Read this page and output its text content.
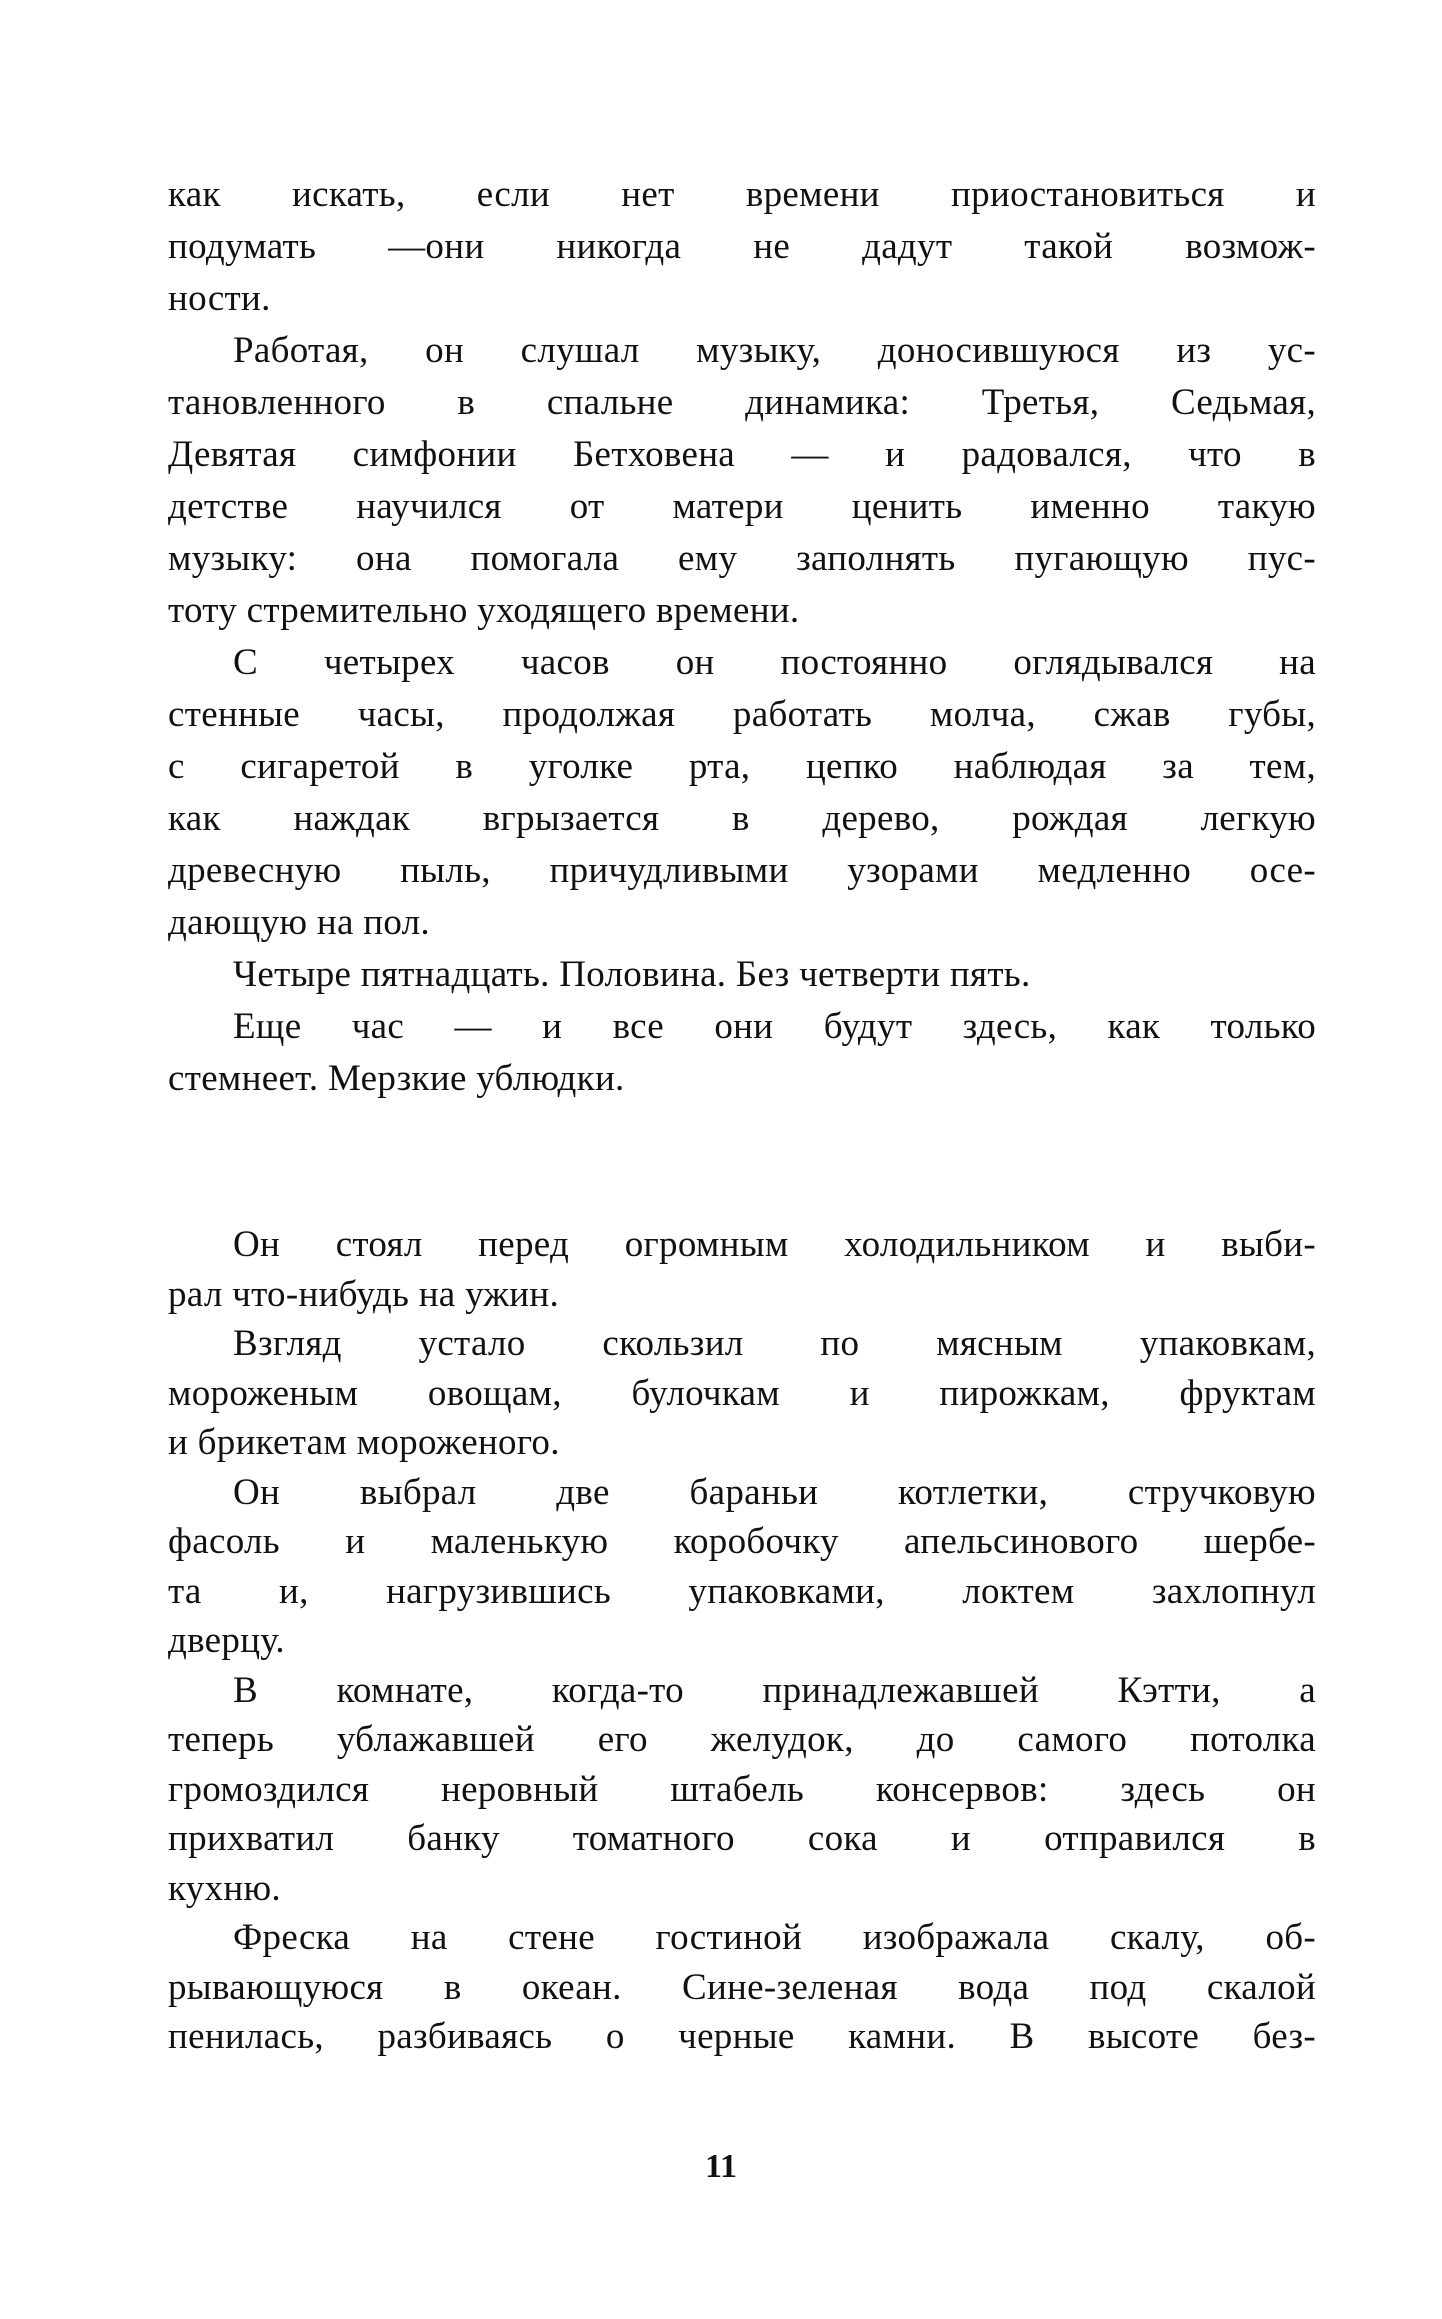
как искать, если нет времени приостановиться и
подумать —они никогда не дадут такой возмож-
ности.
Работая, он слушал музыку, доносившуюся из ус-
тановленного в спальне динамика: Третья, Седьмая,
Девятая симфонии Бетховена — и радовался, что в
детстве научился от матери ценить именно такую
музыку: она помогала ему заполнять пугающую пус-
тоту стремительно уходящего времени.
С четырех часов он постоянно оглядывался на
стенные часы, продолжая работать молча, сжав губы,
с сигаретой в уголке рта, цепко наблюдая за тем,
как наждак вгрызается в дерево, рождая легкую
древесную пыль, причудливыми узорами медленно осе-
дающую на пол.
Четыре пятнадцать. Половина. Без четверти пять.
Еще час — и все они будут здесь, как только
стемнеет. Мерзкие ублюдки.
Он стоял перед огромным холодильником и выби-
рал что-нибудь на ужин.
Взгляд устало скользил по мясным упаковкам,
мороженым овощам, булочкам и пирожкам, фруктам
и брикетам мороженого.
Он выбрал две бараньи котлетки, стручковую
фасоль и маленькую коробочку апельсинового шербе-
та и, нагрузившись упаковками, локтем захлопнул
дверцу.
В комнате, когда-то принадлежавшей Кэтти, а
теперь ублажавшей его желудок, до самого потолка
громоздился неровный штабель консервов: здесь он
прихватил банку томатного сока и отправился в
кухню.
Фреска на стене гостиной изображала скалу, об-
рывающуюся в океан. Сине-зеленая вода под скалой
пенилась, разбиваясь о черные камни. В высоте без-
11
